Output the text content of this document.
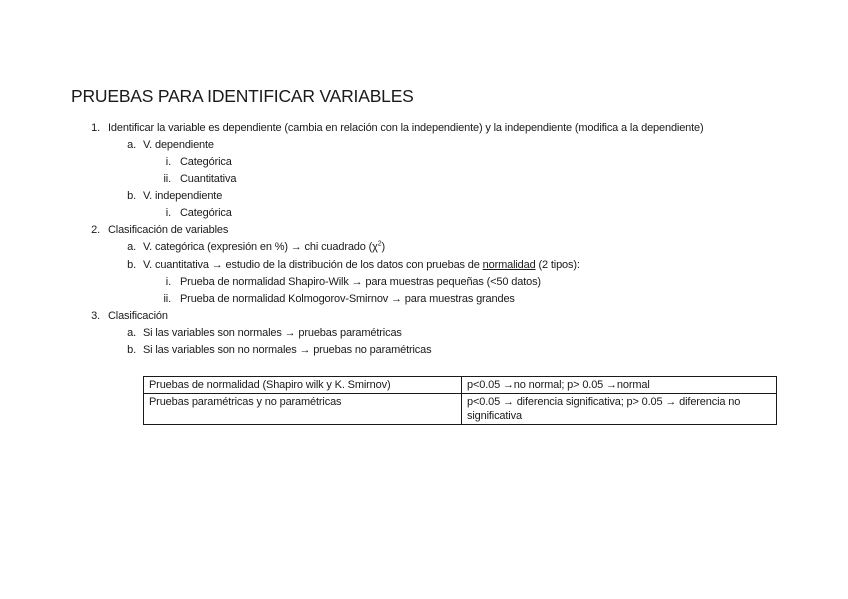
PRUEBAS PARA IDENTIFICAR VARIABLES
1. Identificar la variable es dependiente (cambia en relación con la independiente) y la independiente (modifica a la dependiente)
a. V. dependiente
i. Categórica
ii. Cuantitativa
b. V. independiente
i. Categórica
2. Clasificación de variables
a. V. categórica (expresión en %) → chi cuadrado $(\chi^2)$
b. V. cuantitativa → estudio de la distribución de los datos con pruebas de normalidad (2 tipos):
i. Prueba de normalidad Shapiro-Wilk → para muestras pequeñas (<50 datos)
ii. Prueba de normalidad Kolmogorov-Smirnov → para muestras grandes
3. Clasificación
a. Si las variables son normales → pruebas paramétricas
b. Si las variables son no normales → pruebas no paramétricas
Pruebas de normalidad (Shapiro wilk y K. Smirnov)	p<0.05 →no normal; p> 0.05 →normal
Pruebas paramétricas y no paramétricas	p<0.05 → diferencia significativa; p> 0.05 → diferencia no significativa
